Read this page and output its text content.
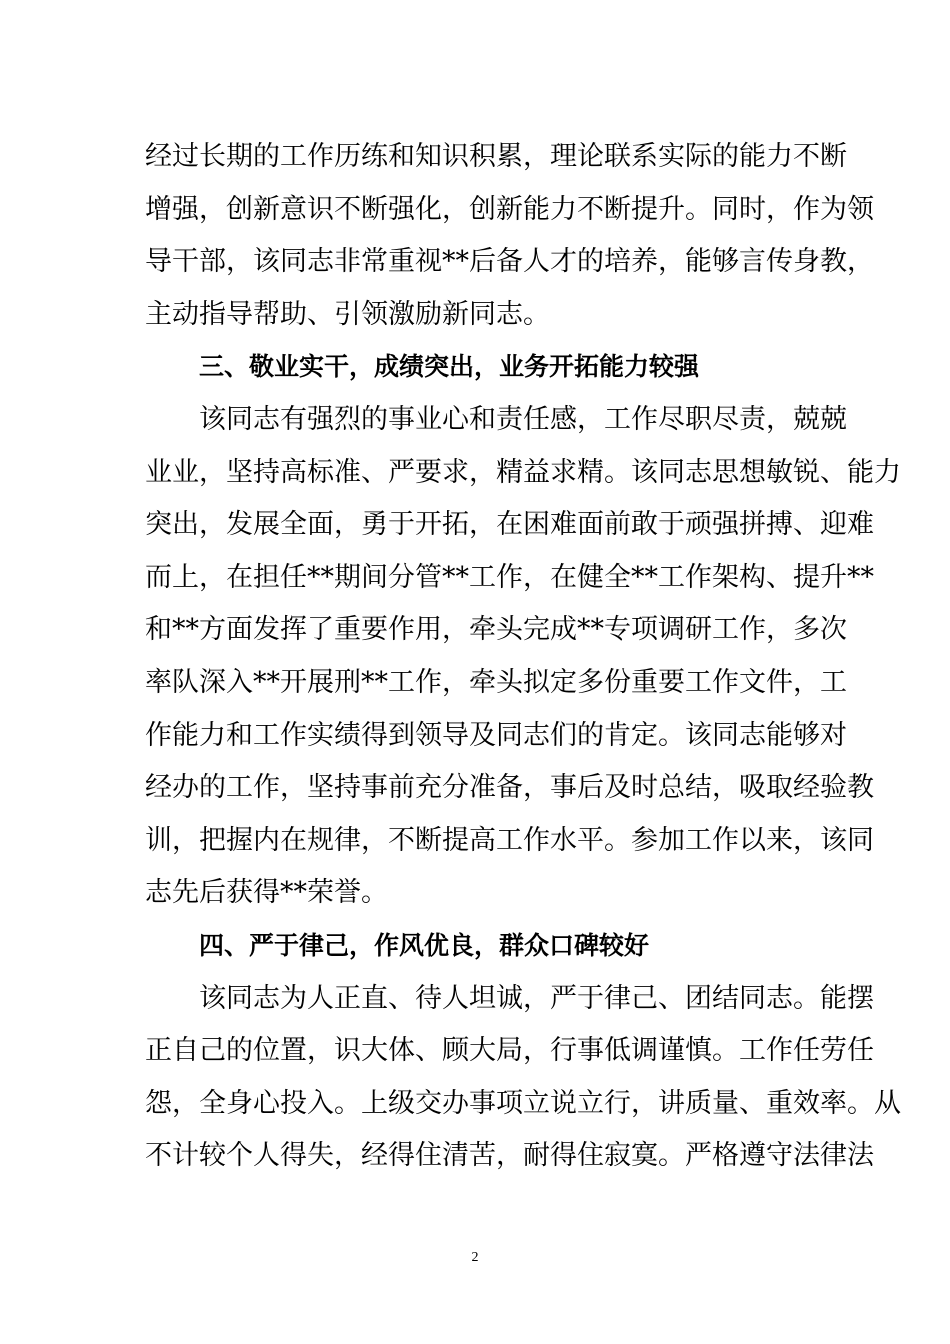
经过长期的工作历练和知识积累，理论联系实际的能力不断

增强，创新意识不断强化，创新能力不断提升。同时，作为领

导干部，该同志非常重视**后备人才的培养，能够言传身教，

主动指导帮助、引领激励新同志。

三、敬业实干，成绩突出，业务开拓能力较强

该同志有强烈的事业心和责任感，工作尽职尽责，兢兢

业业，坚持高标准、严要求，精益求精。该同志思想敏锐、能力

突出，发展全面，勇于开拓，在困难面前敢于顽强拼搏、迎难

而上，在担任**期间分管**工作，在健全**工作架构、提升**

和**方面发挥了重要作用，牵头完成**专项调研工作，多次

率队深入**开展刑**工作，牵头拟定多份重要工作文件，工

作能力和工作实绩得到领导及同志们的肯定。该同志能够对

经办的工作，坚持事前充分准备，事后及时总结，吸取经验教

训，把握内在规律，不断提高工作水平。参加工作以来，该同

志先后获得**荣誉。

四、严于律己，作风优良，群众口碑较好

该同志为人正直、待人坦诚，严于律己、团结同志。能摆

正自己的位置，识大体、顾大局，行事低调谨慎。工作任劳任

怨，全身心投入。上级交办事项立说立行，讲质量、重效率。从

不计较个人得失，经得住清苦，耐得住寂寞。严格遵守法律法

2
